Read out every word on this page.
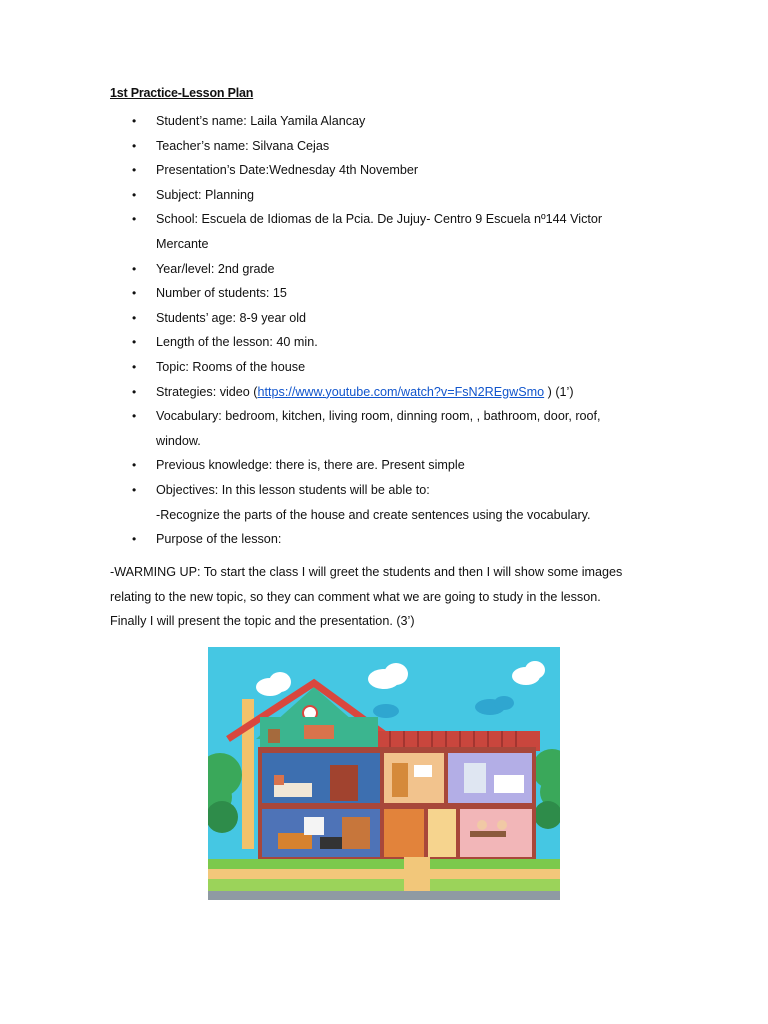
1st Practice-Lesson Plan
• Student’s name: Laila Yamila Alancay
• Teacher’s name: Silvana Cejas
• Presentation’s Date:Wednesday 4th November
• Subject: Planning
• School: Escuela de Idiomas de la Pcia. De Jujuy- Centro 9 Escuela nº144 Victor
Mercante
• Year/level: 2nd grade
• Number of students: 15
• Students’ age: 8-9 year old
• Length of the lesson: 40 min.
• Topic: Rooms of the house
• Strategies: video (https://www.youtube.com/watch?v=FsN2REgwSmo ) (1’)
• Vocabulary: bedroom, kitchen, living room, dinning room, , bathroom, door, roof,
window.
• Previous knowledge: there is, there are. Present simple
• Objectives: In this lesson students will be able to:
-Recognize the parts of the house and create sentences using the vocabulary.
• Purpose of the lesson:

-WARMING UP: To start the class I will greet the students and then I will show some images
relating to the new topic, so they can comment what we are going to study in the lesson.
Finally I will present the topic and the presentation. (3’)
